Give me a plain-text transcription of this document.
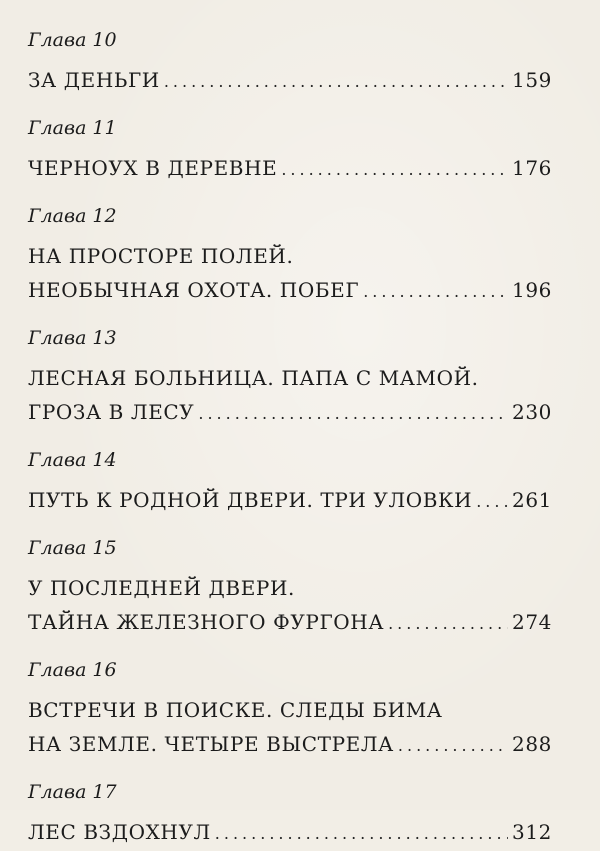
Глава 10
ЗА ДЕНЬГИ .....	159
Глава 11
ЧЕРНОУХ В ДЕРЕВНЕ .....	176
Глава 12
НА ПРОСТОРЕ ПОЛЕЙ.
НЕОБЫЧНАЯ ОХОТА. ПОБЕГ .....	196
Глава 13
ЛЕСНАЯ БОЛЬНИЦА. ПАПА С МАМОЙ.
ГРОЗА В ЛЕСУ .....	230
Глава 14
ПУТЬ К РОДНОЙ ДВЕРИ. ТРИ УЛОВКИ ..... 261
Глава 15
У ПОСЛЕДНЕЙ ДВЕРИ.
ТАЙНА ЖЕЛЕЗНОГО ФУРГОНА .....	274
Глава 16
ВСТРЕЧИ В ПОИСКЕ. СЛЕДЫ БИМА
НА ЗЕМЛЕ. ЧЕТЫРЕ ВЫСТРЕЛА .....	288
Глава 17
ЛЕС ВЗДОХНУЛ .....	312
